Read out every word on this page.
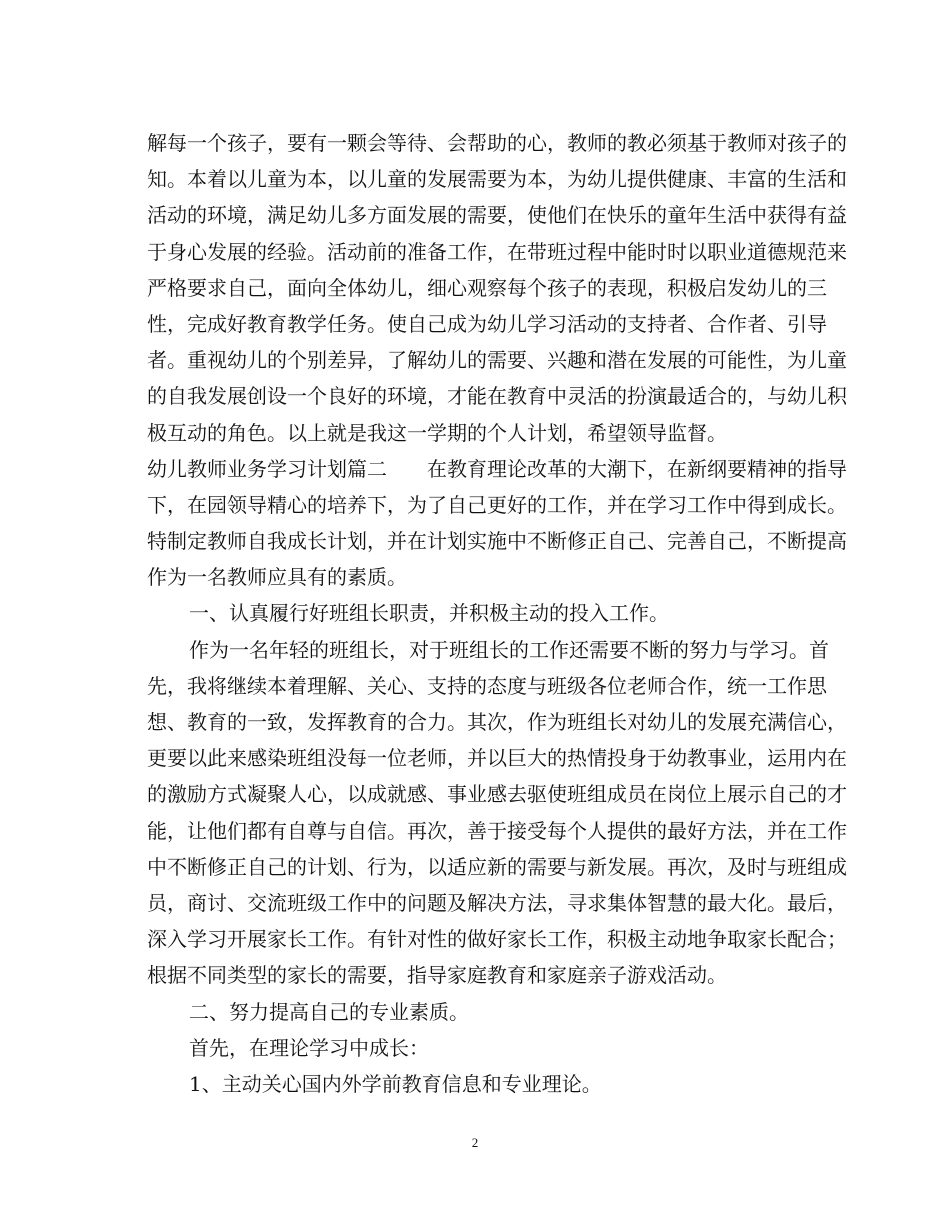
解每一个孩子，要有一颗会等待、会帮助的心，教师的教必须基于教师对孩子的
知。本着以儿童为本，以儿童的发展需要为本，为幼儿提供健康、丰富的生活和
活动的环境，满足幼儿多方面发展的需要，使他们在快乐的童年生活中获得有益
于身心发展的经验。活动前的准备工作，在带班过程中能时时以职业道德规范来
严格要求自己，面向全体幼儿，细心观察每个孩子的表现，积极启发幼儿的三
性，完成好教育教学任务。使自己成为幼儿学习活动的支持者、合作者、引导
者。重视幼儿的个别差异，了解幼儿的需要、兴趣和潜在发展的可能性，为儿童
的自我发展创设一个良好的环境，才能在教育中灵活的扮演最适合的，与幼儿积
极互动的角色。以上就是我这一学期的个人计划，希望领导监督。
幼儿教师业务学习计划篇二 在教育理论改革的大潮下，在新纲要精神的指导
下，在园领导精心的培养下，为了自己更好的工作，并在学习工作中得到成长。
特制定教师自我成长计划，并在计划实施中不断修正自己、完善自己，不断提高
作为一名教师应具有的素质。
一、认真履行好班组长职责，并积极主动的投入工作。
作为一名年轻的班组长，对于班组长的工作还需要不断的努力与学习。首
先，我将继续本着理解、关心、支持的态度与班级各位老师合作，统一工作思
想、教育的一致，发挥教育的合力。其次，作为班组长对幼儿的发展充满信心，
更要以此来感染班组没每一位老师，并以巨大的热情投身于幼教事业，运用内在
的激励方式凝聚人心，以成就感、事业感去驱使班组成员在岗位上展示自己的才
能，让他们都有自尊与自信。再次，善于接受每个人提供的最好方法，并在工作
中不断修正自己的计划、行为，以适应新的需要与新发展。再次，及时与班组成
员，商讨、交流班级工作中的问题及解决方法，寻求集体智慧的最大化。最后，
深入学习开展家长工作。有针对性的做好家长工作，积极主动地争取家长配合；
根据不同类型的家长的需要，指导家庭教育和家庭亲子游戏活动。
二、努力提高自己的专业素质。
首先，在理论学习中成长：
1、主动关心国内外学前教育信息和专业理论。
2
